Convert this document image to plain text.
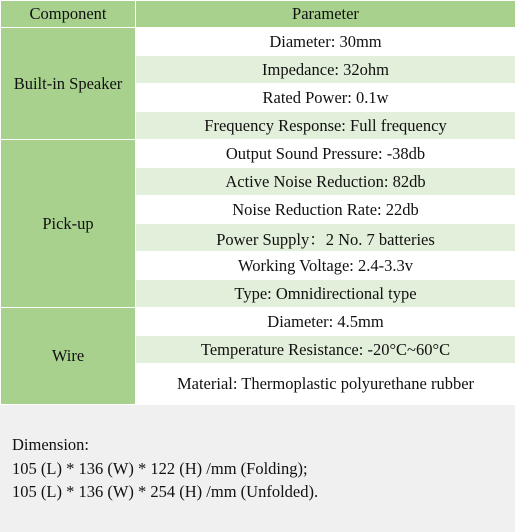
Component	Parameter
Built-in Speaker	Diameter: 30mm
	Impedance: 32ohm
	Rated Power: 0.1w
	Frequency Response: Full frequency
Pick-up	Output Sound Pressure: -38db
	Active Noise Reduction: 82db
	Noise Reduction Rate: 22db
	Power Supply：2 No. 7 batteries
	Working Voltage: 2.4-3.3v
	Type: Omnidirectional type
Wire	Diameter: 4.5mm
	Temperature Resistance: -20°C~60°C
	Material: Thermoplastic polyurethane rubber
Dimension:
105 (L) * 136 (W) * 122 (H) /mm (Folding);
105 (L) * 136 (W) * 254 (H) /mm (Unfolded).
